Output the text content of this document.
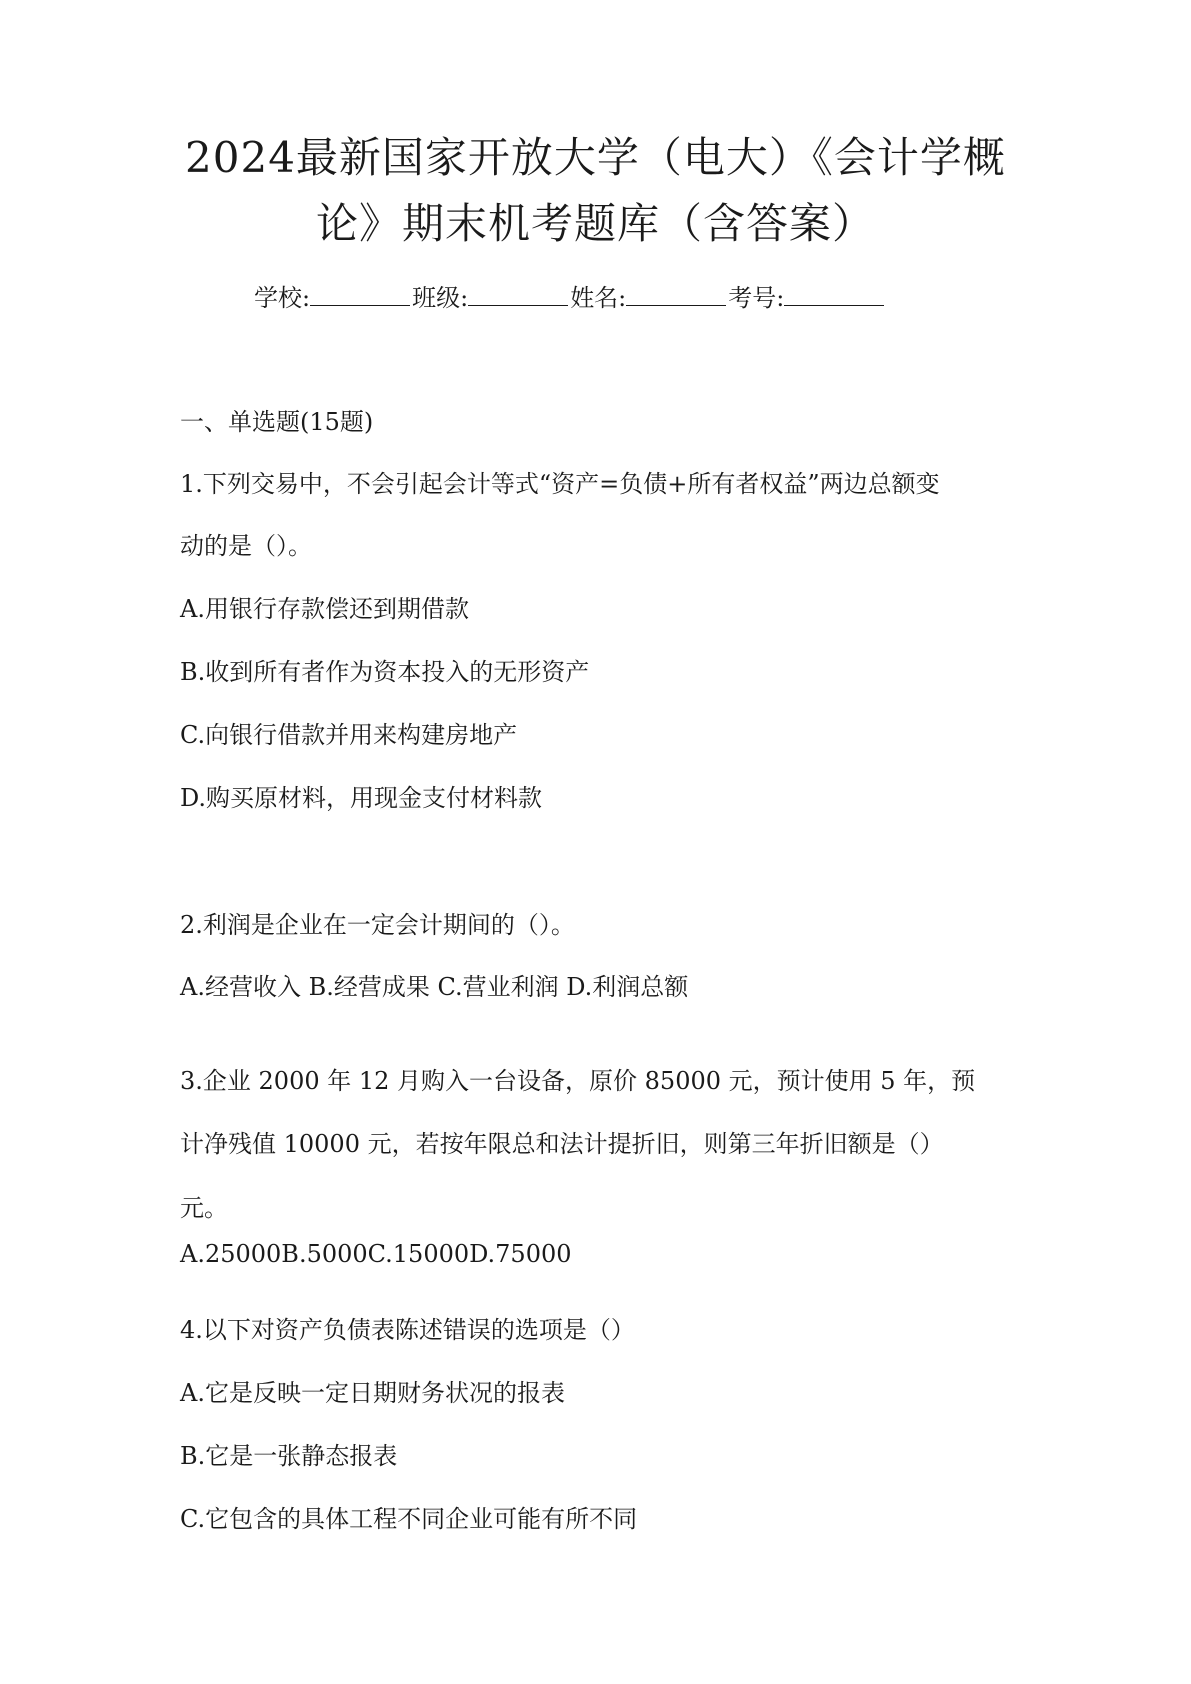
2024最新国家开放大学（电大）《会计学概
论》期末机考题库（含答案）
学校:	班级:	姓名:	考号:
一、单选题(15题)
1.下列交易中，不会引起会计等式“资产=负债+所有者权益”两边总额变
动的是（）。
A.用银行存款偿还到期借款
B.收到所有者作为资本投入的无形资产
C.向银行借款并用来构建房地产
D.购买原材料，用现金支付材料款
2.利润是企业在一定会计期间的（）。
A.经营收入 B.经营成果 C.营业利润 D.利润总额
3.企业 2000 年 12 月购入一台设备，原价 85000 元，预计使用 5 年，预
计净残值 10000 元，若按年限总和法计提折旧，则第三年折旧额是（）
元。
A.25000B.5000C.15000D.75000
4.以下对资产负债表陈述错误的选项是（）
A.它是反映一定日期财务状况的报表
B.它是一张静态报表
C.它包含的具体工程不同企业可能有所不同
